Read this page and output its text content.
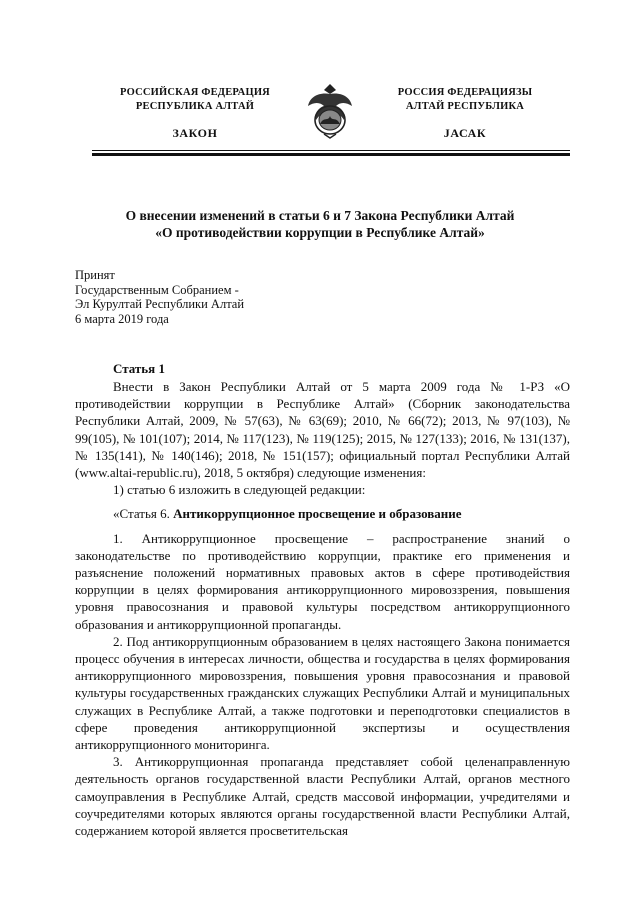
РОССИЙСКАЯ ФЕДЕРАЦИЯ
РЕСПУБЛИКА АЛТАЙ
ЗАКОН
РОССИЯ ФЕДЕРАЦИЯЗЫ
АЛТАЙ РЕСПУБЛИКА
JАСАК
О внесении изменений в статьи 6 и 7 Закона Республики Алтай
«О противодействии коррупции в Республике Алтай»
Принят
Государственным Собранием -
Эл Курултай Республики Алтай
6 марта 2019 года
Статья 1

Внести в Закон Республики Алтай от 5 марта 2009 года № 1-РЗ «О противодействии коррупции в Республике Алтай» (Сборник законодательства Республики Алтай, 2009, № 57(63), № 63(69); 2010, № 66(72); 2013, № 97(103), № 99(105), № 101(107); 2014, № 117(123), № 119(125); 2015, № 127(133); 2016, № 131(137), № 135(141), № 140(146); 2018, № 151(157); официальный портал Республики Алтай (www.altai-republic.ru), 2018, 5 октября) следующие изменения:

1) статью 6 изложить в следующей редакции:

«Статья 6. Антикоррупционное просвещение и образование

1. Антикоррупционное просвещение – распространение знаний о законодательстве по противодействию коррупции, практике его применения и разъяснение положений нормативных правовых актов в сфере противодействия коррупции в целях формирования антикоррупционного мировоззрения, повышения уровня правосознания и правовой культуры посредством антикоррупционного образования и антикоррупционной пропаганды.

2. Под антикоррупционным образованием в целях настоящего Закона понимается процесс обучения в интересах личности, общества и государства в целях формирования антикоррупционного мировоззрения, повышения уровня правосознания и правовой культуры государственных гражданских служащих Республики Алтай и муниципальных служащих в Республике Алтай, а также подготовки и переподготовки специалистов в сфере проведения антикоррупционной экспертизы и осуществления антикоррупционного мониторинга.

3. Антикоррупционная пропаганда представляет собой целенаправленную деятельность органов государственной власти Республики Алтай, органов местного самоуправления в Республике Алтай, средств массовой информации, учредителями и соучредителями которых являются органы государственной власти Республики Алтай, содержанием которой является просветительская
